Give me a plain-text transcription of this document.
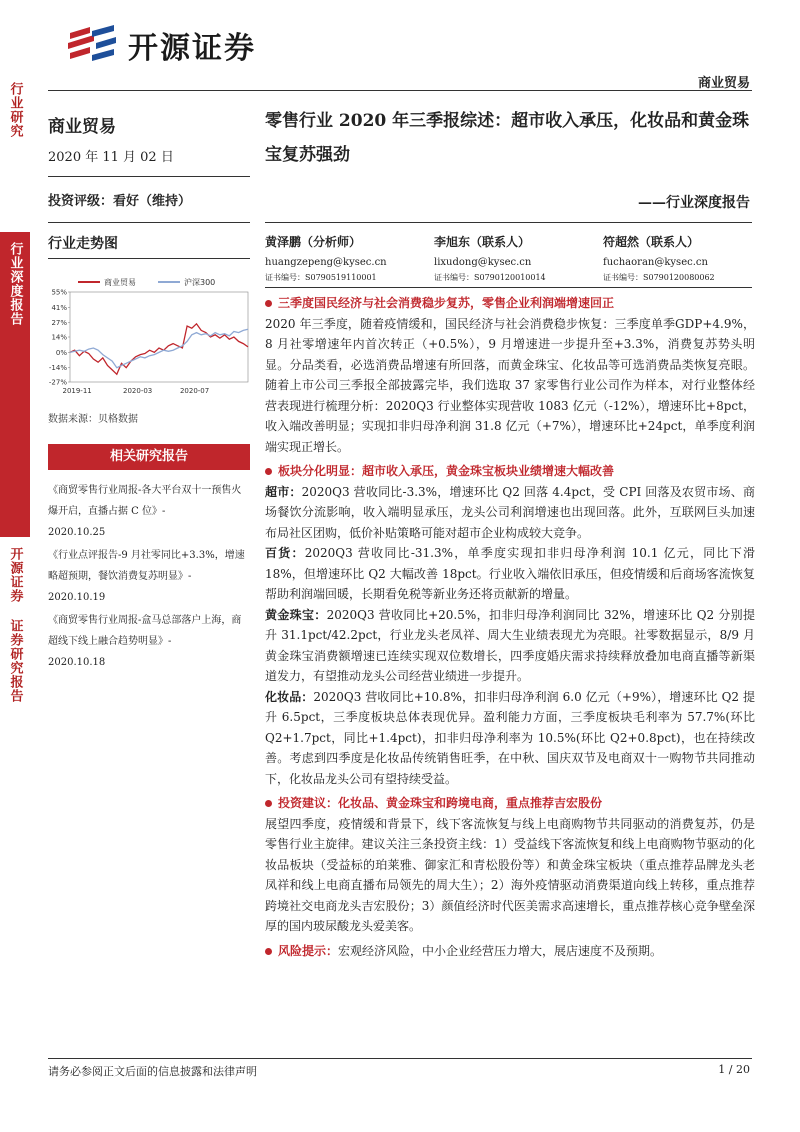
开源证券
商业贸易
行业研究
行业深度报告
开源证券 证券研究报告
商业贸易
2020 年 11 月 02 日
投资评级：看好（维持）
行业走势图
55%
41%
27%
14%
0%
-14%
-27%
2019-11	2020-03	2020-07
商业贸易	沪深300
数据来源：贝格数据
相关研究报告
《商贸零售行业周报-各大平台双十一预售火爆开启，直播占据 C 位》-
2020.10.25
《行业点评报告-9 月社零同比+3.3%，增速略超预期，餐饮消费复苏明显》-
2020.10.19
《商贸零售行业周报-盒马总部落户上海，商超线下线上融合趋势明显》-
2020.10.18
零售行业 2020 年三季报综述：超市收入承压，化妆品和黄金珠宝复苏强劲
——行业深度报告
黄泽鹏（分析师）
huangzepeng@kysec.cn
证书编号：S0790519110001
李旭东（联系人）
lixudong@kysec.cn
证书编号：S0790120010014
符超然（联系人）
fuchaoran@kysec.cn
证书编号：S0790120080062

三季度国民经济与社会消费稳步复苏，零售企业利润端增速回正

2020 年三季度，随着疫情缓和，国民经济与社会消费稳步恢复：三季度单季GDP+4.9%，8 月社零增速年内首次转正（+0.5%），9 月增速进一步提升至+3.3%，消费复苏势头明显。分品类看，必选消费品增速有所回落，而黄金珠宝、化妆品等可选消费品类恢复亮眼。随着上市公司三季报全部披露完毕，我们选取 37 家零售行业公司作为样本，对行业整体经营表现进行梳理分析：2020Q3 行业整体实现营收 1083 亿元（-12%），增速环比+8pct，收入端改善明显；实现扣非归母净利润 31.8 亿元（+7%），增速环比+24pct，单季度利润端实现正增长。

板块分化明显：超市收入承压，黄金珠宝板块业绩增速大幅改善

超市：2020Q3 营收同比-3.3%，增速环比 Q2 回落 4.4pct，受 CPI 回落及农贸市场、商场餐饮分流影响，收入端明显承压，龙头公司利润增速也出现回落。此外，互联网巨头加速布局社区团购，低价补贴策略可能对超市企业构成较大竞争。

百货：2020Q3 营收同比-31.3%，单季度实现扣非归母净利润 10.1 亿元，同比下滑 18%，但增速环比 Q2 大幅改善 18pct。行业收入端依旧承压，但疫情缓和后商场客流恢复帮助利润端回暖，长期看免税等新业务还将贡献新的增量。

黄金珠宝：2020Q3 营收同比+20.5%，扣非归母净利润同比 32%，增速环比 Q2 分别提升 31.1pct/42.2pct，行业龙头老凤祥、周大生业绩表现尤为亮眼。社零数据显示，8/9 月黄金珠宝消费额增速已连续实现双位数增长，四季度婚庆需求持续释放叠加电商直播等新渠道发力，有望推动龙头公司经营业绩进一步提升。

化妆品：2020Q3 营收同比+10.8%，扣非归母净利润 6.0 亿元（+9%），增速环比 Q2 提升 6.5pct，三季度板块总体表现优异。盈利能力方面，三季度板块毛利率为 57.7%(环比 Q2+1.7pct，同比+1.4pct)，扣非归母净利率为 10.5%(环比 Q2+0.8pct)，也在持续改善。考虑到四季度是化妆品传统销售旺季，在中秋、国庆双节及电商双十一购物节共同推动下，化妆品龙头公司有望持续受益。

投资建议：化妆品、黄金珠宝和跨境电商，重点推荐吉宏股份

展望四季度，疫情缓和背景下，线下客流恢复与线上电商购物节共同驱动的消费复苏，仍是零售行业主旋律。建议关注三条投资主线：1）受益线下客流恢复和线上电商购物节驱动的化妆品板块（受益标的珀莱雅、御家汇和青松股份等）和黄金珠宝板块（重点推荐品牌龙头老凤祥和线上电商直播布局领先的周大生）；2）海外疫情驱动消费渠道向线上转移，重点推荐跨境社交电商龙头吉宏股份；3）颜值经济时代医美需求高速增长，重点推荐核心竞争壁垒深厚的国内玻尿酸龙头爱美客。

风险提示：宏观经济风险，中小企业经营压力增大，展店速度不及预期。

请务必参阅正文后面的信息披露和法律声明	1 / 20
